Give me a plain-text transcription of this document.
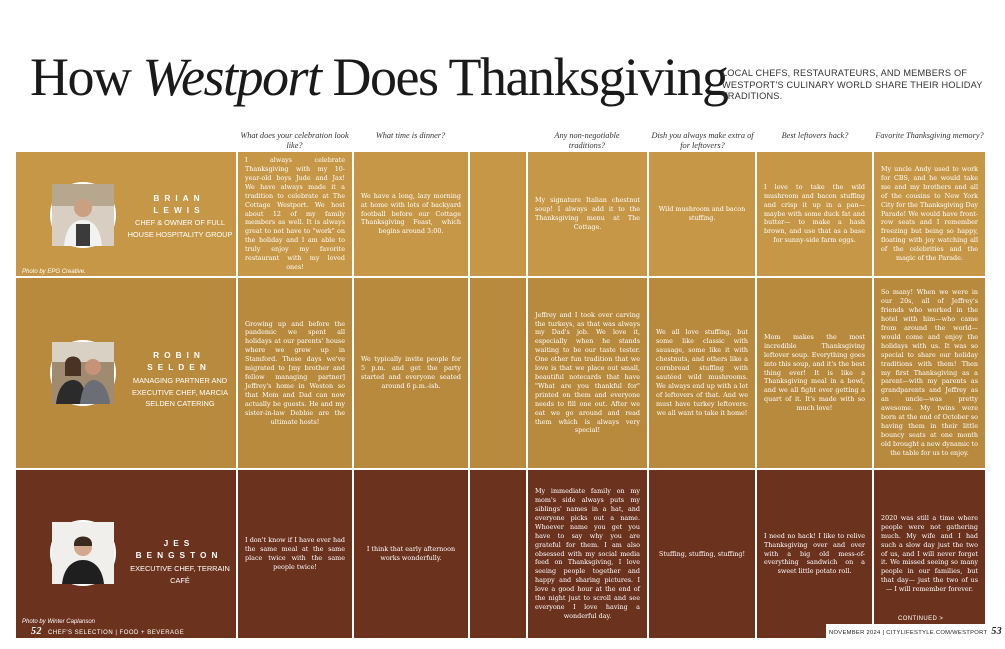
How Westport Does Thanksgiving
LOCAL CHEFS, RESTAURATEURS, AND MEMBERS OF WESTPORT'S CULINARY WORLD SHARE THEIR HOLIDAY TRADITIONS.
What does your celebration look like?
What time is dinner?	Any non-negotiable traditions?
Dish you always make extra of for leftovers?
Best leftovers hack?	Favorite Thanksgiving memory?
I always celebrate Thanksgiving with my 10-year-old boys Jude and Jax! We have always made it a tradition to celebrate at The Cottage Westport. We host about 12 of my family members as well. It is always great to not have to "work" on the holiday and I am able to truly enjoy my favorite restaurant with my loved ones!
We have a long, lazy morning at home with lots of backyard football before our Cottage Thanksgiving Feast, which begins around 3:00.
My signature Italian chestnut soup! I always add it to the Thanksgiving menu at The Cottage.
Wild mushroom and bacon stuffing.
I love to take the wild mushroom and bacon stuffing and crisp it up in a pan—maybe with some duck fat and butter— to make a hash brown, and use that as a base for sunny-side farm eggs.
My uncle Andy used to work for CBS, and he would take me and my brothers and all of the cousins to New York City for the Thanksgiving Day Parade! We would have front-row seats and I remember freezing but being so happy, floating with joy watching all of the celebrities and the magic of the Parade.
Growing up and before the pandemic we spent all holidays at our parents' house where we grew up in Stamford. These days we've migrated to [my brother and fellow managing partner] Jeffrey's home in Weston so that Mom and Dad can now actually be guests. He and my sister-in-law Debbie are the ultimate hosts!
We typically invite people for 5 p.m. and get the party started and everyone seated around 6 p.m.-ish.
Jeffrey and I took over carving the turkeys, as that was always my Dad's job. We love it, especially when he stands waiting to be our taste tester. One other fun tradition that we love is that we place out small, beautiful notecards that have "What are you thankful for" printed on them and everyone needs to fill one out. After we eat we go around and read them which is always very special!
We all love stuffing, but some like classic with sausage, some like it with chestnuts, and others like a cornbread stuffing with sautéed wild mushrooms. We always end up with a lot of leftovers of that. And we must have turkey leftovers: we all want to take it home!
Mom makes the most incredible Thanksgiving leftover soup. Everything goes into this soup, and it's the best thing ever! It is like a Thanksgiving meal in a bowl, and we all fight over getting a quart of it. It's made with so much love!
So many! When we were in our 20s, all of Jeffrey's friends who worked in the hotel with him—who came from around the world—would come and enjoy the holidays with us. It was so special to share our holiday traditions with them! Then my first Thanksgiving as a parent—with my parents as grandparents and Jeffrey as an uncle—was pretty awesome. My twins were born at the end of October so having them in their little bouncy seats at one month old brought a new dynamic to the table for us to enjoy.
I don't know if I have ever had the same meal at the same place twice with the same people twice!
I think that early afternoon works wonderfully.
My immediate family on my mom's side always puts my siblings' names in a hat, and everyone picks out a name. Whoever name you get you have to say why you are grateful for them. I am also obsessed with my social media feed on Thanksgiving, I love seeing people together and happy and sharing pictures. I love a good hour at the end of the night just to scroll and see everyone I love having a wonderful day.
Stuffing, stuffing, stuffing!
I need no hack! I like to relive Thanksgiving over and over with a big old mess-of-everything sandwich on a sweet little potato roll.
2020 was still a time where people were not gathering much. My wife and I had such a slow day just the two of us, and I will never forget it. We missed seeing so many people in our families, but that day— just the two of us— I will remember forever.
BRIAN
LEWIS
CHEF & OWNER OF FULL HOUSE HOSPITALITY GROUP
Photo by EPG Creative.
ROBIN
SELDEN
MANAGING PARTNER AND EXECUTIVE CHEF, MARCIA SELDEN CATERING
JES
BENGSTON
EXECUTIVE CHEF, TERRAIN CAFÉ
Photo by Winter Caplanson
52 CHEF'S SELECTION | FOOD + BEVERAGE
CONTINUED >
NOVEMBER 2024 | CITYLIFESTYLE.COM/WESTPORT 53
